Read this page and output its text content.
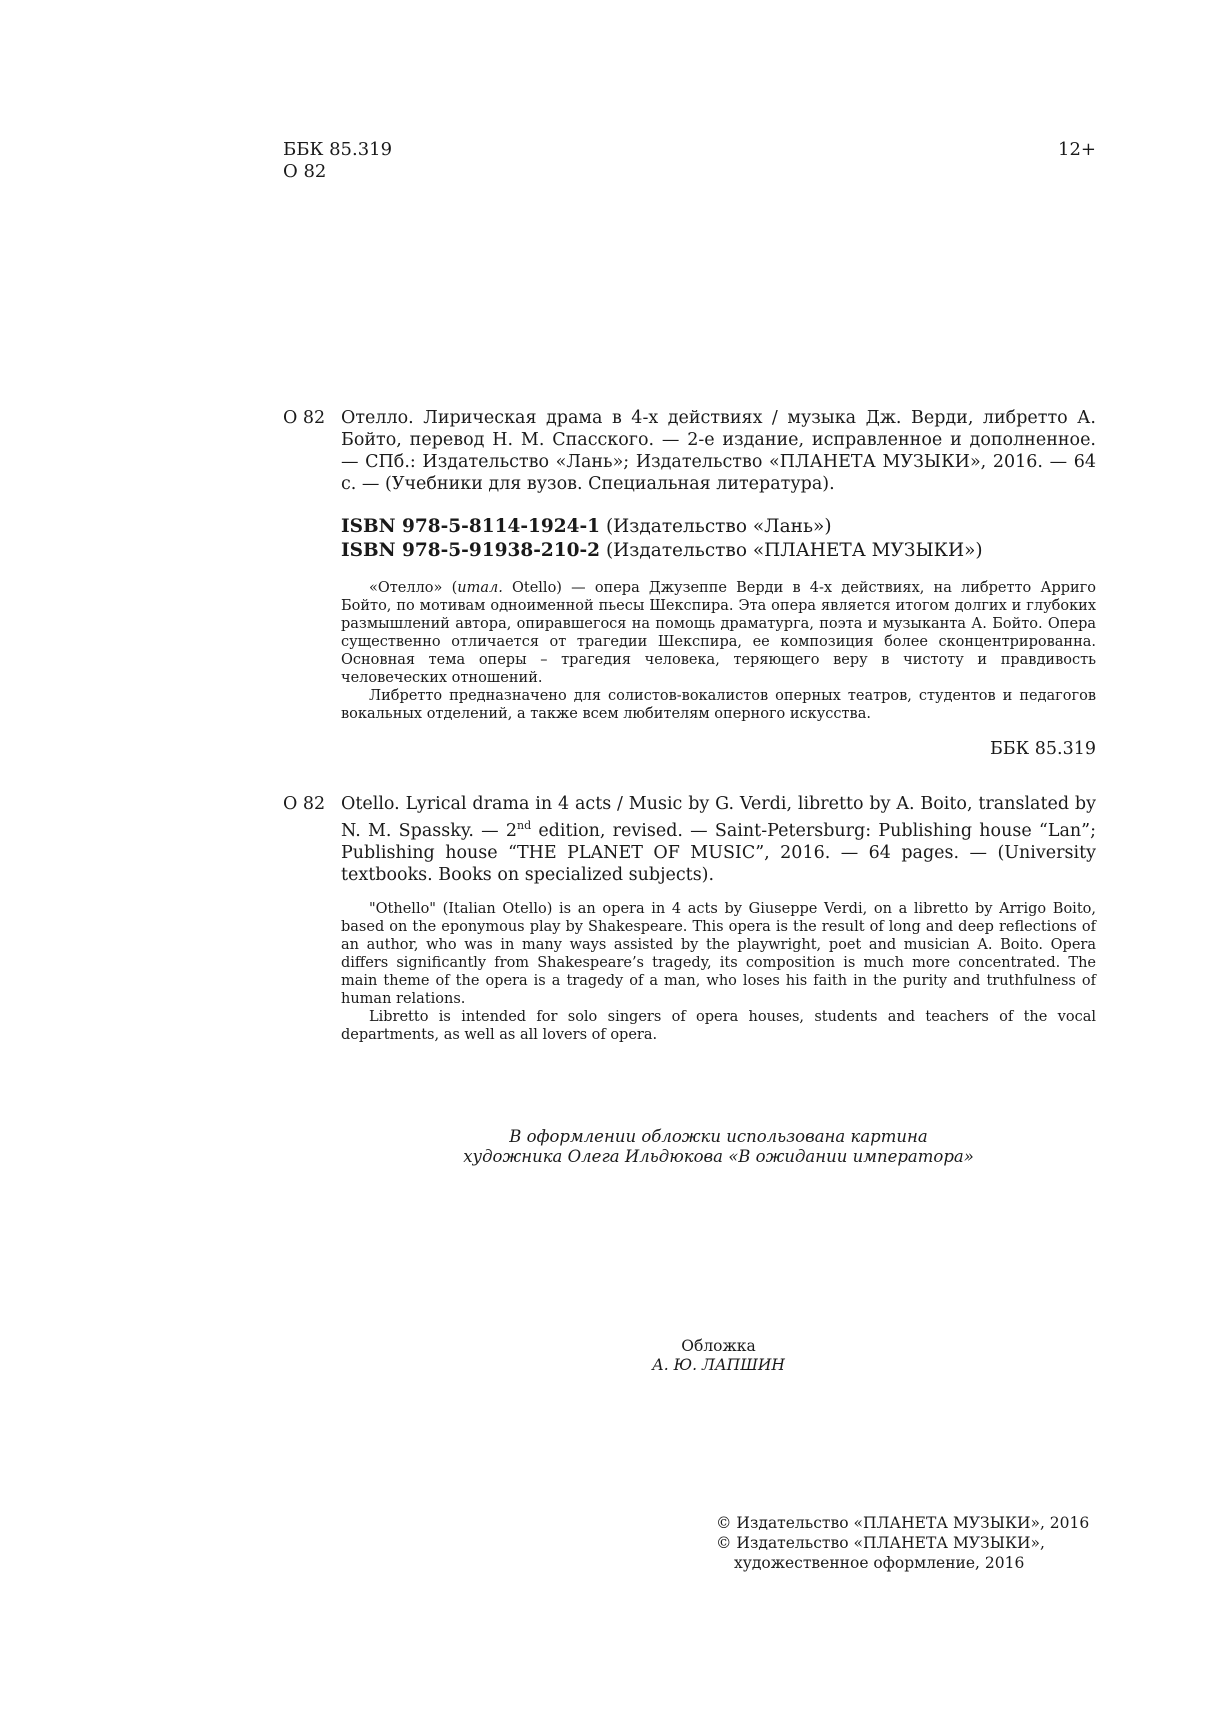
ББК 85.319
О 82
12+
О 82 Отелло. Лирическая драма в 4-х действиях / музыка Дж. Верди, либретто А. Бойто, перевод Н. М. Спасского. — 2-е издание, исправленное и дополненное. — СПб.: Издательство «Лань»; Издательство «ПЛАНЕТА МУЗЫКИ», 2016. — 64 с. — (Учебники для вузов. Специальная литература).
ISBN 978-5-8114-1924-1 (Издательство «Лань»)
ISBN 978-5-91938-210-2 (Издательство «ПЛАНЕТА МУЗЫКИ»)

«Отелло» (итал. Otello) — опера Джузеппе Верди в 4-х действиях, на либретто Арриго Бойто, по мотивам одноименной пьесы Шекспира. Эта опера является итогом долгих и глубоких размышлений автора, опиравшегося на помощь драматурга, поэта и музыканта А. Бойто. Опера существенно отличается от трагедии Шекспира, ее композиция более сконцентрированна. Основная тема оперы – трагедия человека, теряющего веру в чистоту и правдивость человеческих отношений.

Либретто предназначено для солистов-вокалистов оперных театров, студентов и педагогов вокальных отделений, а также всем любителям оперного искусства.

ББК 85.319
O 82 Otello. Lyrical drama in 4 acts / Music by G. Verdi, libretto by A. Boito, translated by N. M. Spassky. — 2nd edition, revised. — Saint-Petersburg: Publishing house “Lan”; Publishing house “THE PLANET OF MUSIC”, 2016. — 64 pages. — (University textbooks. Books on specialized subjects).

"Othello" (Italian Otello) is an opera in 4 acts by Giuseppe Verdi, on a libretto by Arrigo Boito, based on the eponymous play by Shakespeare. This opera is the result of long and deep reflections of an author, who was in many ways assisted by the playwright, poet and musician A. Boito. Opera differs significantly from Shakespeare’s tragedy, its composition is much more concentrated. The main theme of the opera is a tragedy of a man, who loses his faith in the purity and truthfulness of human relations.

Libretto is intended for solo singers of opera houses, students and teachers of the vocal departments, as well as all lovers of opera.

В оформлении обложки использована картина
художника Олега Ильдюкова «В ожидании императора»
Обложка
А. Ю. ЛАПШИН
© Издательство «ПЛАНЕТА МУЗЫКИ», 2016
© Издательство «ПЛАНЕТА МУЗЫКИ», художественное оформление, 2016
